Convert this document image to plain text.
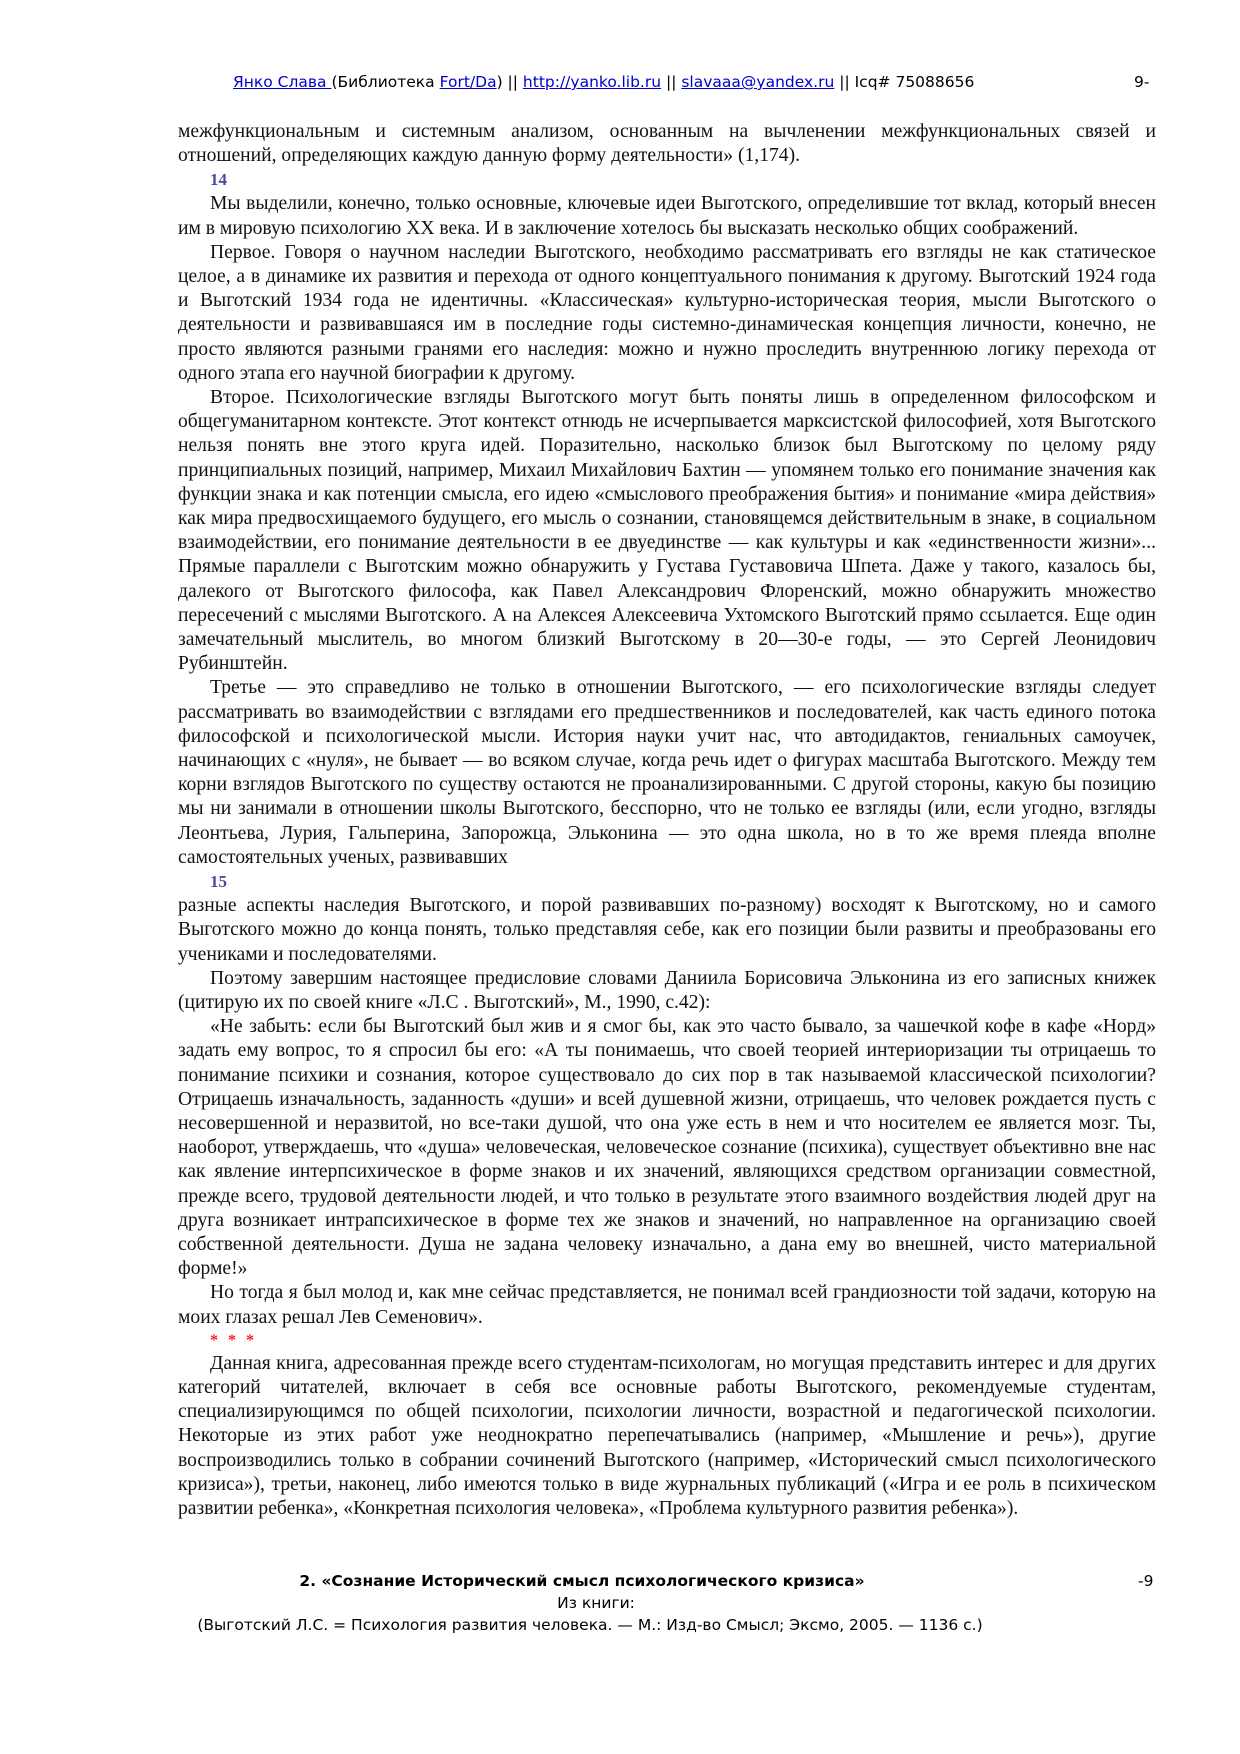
Янко Слава (Библиотека Fort/Da) || http://yanko.lib.ru || slavaaa@yandex.ru || Icq# 75088656	9-

межфункциональным и системным анализом, основанным на вычленении межфункциональных связей и отношений, определяющих каждую данную форму деятельности» (1,174).

14

Мы выделили, конечно, только основные, ключевые идеи Выготского, определившие тот вклад, который внесен им в мировую психологию XX века. И в заключение хотелось бы высказать несколько общих соображений.

Первое. Говоря о научном наследии Выготского, необходимо рассматривать его взгляды не как статическое целое, а в динамике их развития и перехода от одного концептуального понимания к другому. Выготский 1924 года и Выготский 1934 года не идентичны. «Классическая» культурно-историческая теория, мысли Выготского о деятельности и развивавшаяся им в последние годы системно-динамическая концепция личности, конечно, не просто являются разными гранями его наследия: можно и нужно проследить внутреннюю логику перехода от одного этапа его научной биографии к другому.

Второе. Психологические взгляды Выготского могут быть поняты лишь в определенном философском и общегуманитарном контексте. Этот контекст отнюдь не исчерпывается марксистской философией, хотя Выготского нельзя понять вне этого круга идей. Поразительно, насколько близок был Выготскому по целому ряду принципиальных позиций, например, Михаил Михайлович Бахтин — упомянем только его понимание значения как функции знака и как потенции смысла, его идею «смыслового преображения бытия» и понимание «мира действия» как мира предвосхищаемого будущего, его мысль о сознании, становящемся действительным в знаке, в социальном взаимодействии, его понимание деятельности в ее двуединстве — как культуры и как «единственности жизни»... Прямые параллели с Выготским можно обнаружить у Густава Густавовича Шпета. Даже у такого, казалось бы, далекого от Выготского философа, как Павел Александрович Флоренский, можно обнаружить множество пересечений с мыслями Выготского. А на Алексея Алексеевича Ухтомского Выготский прямо ссылается. Еще один замечательный мыслитель, во многом близкий Выготскому в 20—30-е годы, — это Сергей Леонидович Рубинштейн.

Третье — это справедливо не только в отношении Выготского, — его психологические взгляды следует рассматривать во взаимодействии с взглядами его предшественников и последователей, как часть единого потока философской и психологической мысли. История науки учит нас, что автодидактов, гениальных самоучек, начинающих с «нуля», не бывает — во всяком случае, когда речь идет о фигурах масштаба Выготского. Между тем корни взглядов Выготского по существу остаются не проанализированными. С другой стороны, какую бы позицию мы ни занимали в отношении школы Выготского, бесспорно, что не только ее взгляды (или, если угодно, взгляды Леонтьева, Лурия, Гальперина, Запорожца, Эльконина — это одна школа, но в то же время плеяда вполне самостоятельных ученых, развивавших

15

разные аспекты наследия Выготского, и порой развивавших по-разному) восходят к Выготскому, но и самого Выготского можно до конца понять, только представляя себе, как его позиции были развиты и преобразованы его учениками и последователями.

Поэтому завершим настоящее предисловие словами Даниила Борисовича Эльконина из его записных книжек (цитирую их по своей книге «Л.С . Выготский», М., 1990, с.42):

«Не забыть: если бы Выготский был жив и я смог бы, как это часто бывало, за чашечкой кофе в кафе «Норд» задать ему вопрос, то я спросил бы его: «А ты понимаешь, что своей теорией интериоризации ты отрицаешь то понимание психики и сознания, которое существовало до сих пор в так называемой классической психологии? Отрицаешь изначальность, заданность «души» и всей душевной жизни, отрицаешь, что человек рождается пусть с несовершенной и неразвитой, но все-таки душой, что она уже есть в нем и что носителем ее является мозг. Ты, наоборот, утверждаешь, что «душа» человеческая, человеческое сознание (психика), существует объективно вне нас как явление интерпсихическое в форме знаков и их значений, являющихся средством организации совместной, прежде всего, трудовой деятельности людей, и что только в результате этого взаимного воздействия людей друг на друга возникает интрапсихическое в форме тех же знаков и значений, но направленное на организацию своей собственной деятельности. Душа не задана человеку изначально, а дана ему во внешней, чисто материальной форме!»

Но тогда я был молод и, как мне сейчас представляется, не понимал всей грандиозности той задачи, которую на моих глазах решал Лев Семенович».

* * *

Данная книга, адресованная прежде всего студентам-психологам, но могущая представить интерес и для других категорий читателей, включает в себя все основные работы Выготского, рекомендуемые студентам, специализирующимся по общей психологии, психологии личности, возрастной и педагогической психологии. Некоторые из этих работ уже неоднократно перепечатывались (например, «Мышление и речь»), другие воспроизводились только в собрании сочинений Выготского (например, «Исторический смысл психологического кризиса»), третьи, наконец, либо имеются только в виде журнальных публикаций («Игра и ее роль в психическом развитии ребенка», «Конкретная психология человека», «Проблема культурного развития ребенка»).

2. «Сознание Исторический смысл психологического кризиса»	-9
Из книги:
(Выготский Л.С. = Психология развития человека. — М.: Изд-во Смысл; Эксмо, 2005. — 1136 с.)
